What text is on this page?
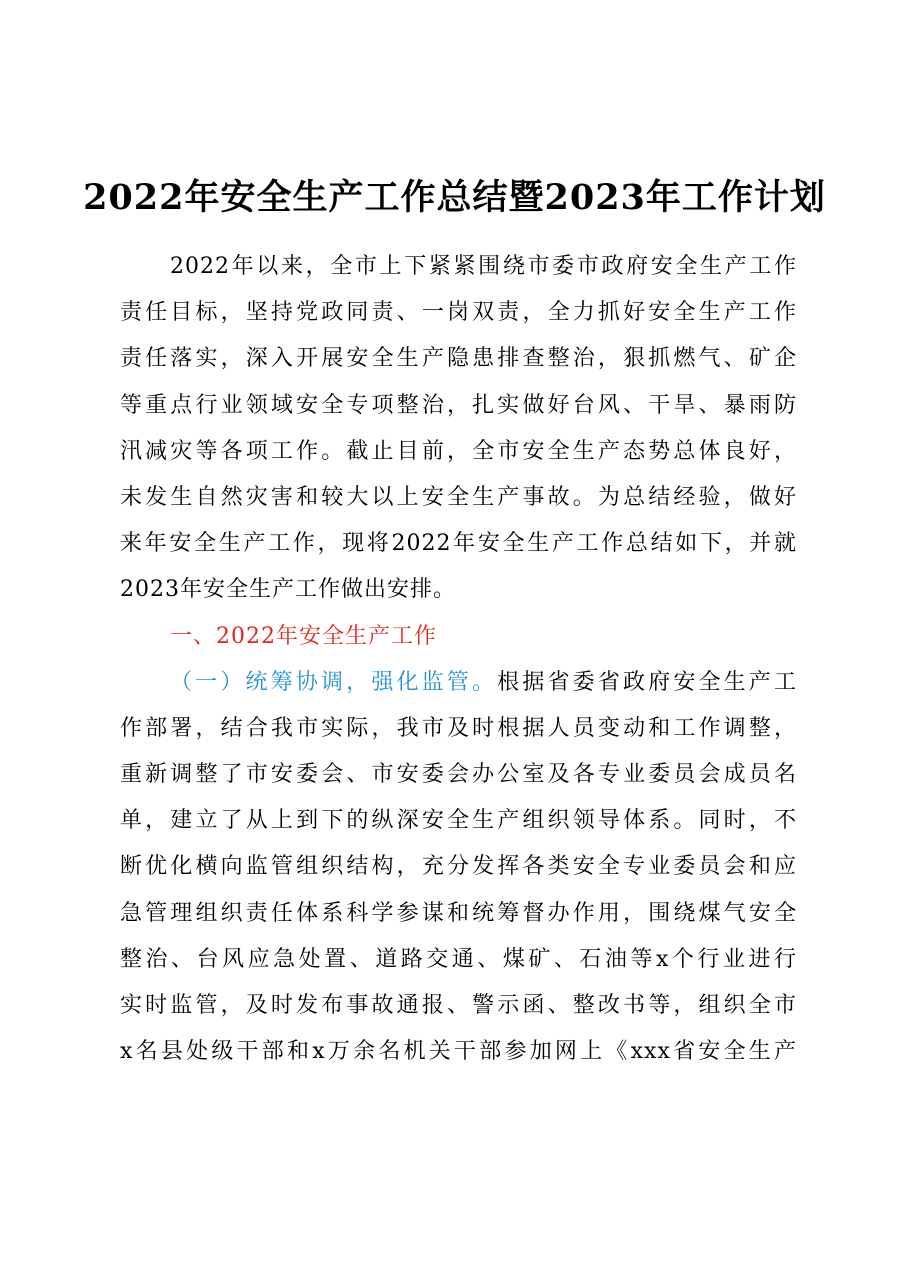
2022年安全生产工作总结暨2023年工作计划
2022年以来，全市上下紧紧围绕市委市政府安全生产工作
责任目标，坚持党政同责、一岗双责，全力抓好安全生产工作
责任落实，深入开展安全生产隐患排查整治，狠抓燃气、矿企
等重点行业领域安全专项整治，扎实做好台风、干旱、暴雨防
汛减灾等各项工作。截止目前，全市安全生产态势总体良好，
未发生自然灾害和较大以上安全生产事故。为总结经验，做好
来年安全生产工作，现将2022年安全生产工作总结如下，并就
2023年安全生产工作做出安排。
一、2022年安全生产工作
（一）统筹协调，强化监管。根据省委省政府安全生产工
作部署，结合我市实际，我市及时根据人员变动和工作调整，
重新调整了市安委会、市安委会办公室及各专业委员会成员名
单，建立了从上到下的纵深安全生产组织领导体系。同时，不
断优化横向监管组织结构，充分发挥各类安全专业委员会和应
急管理组织责任体系科学参谋和统筹督办作用，围绕煤气安全
整治、台风应急处置、道路交通、煤矿、石油等x个行业进行
实时监管，及时发布事故通报、警示函、整改书等，组织全市
x名县处级干部和x万余名机关干部参加网上《xxx省安全生产
